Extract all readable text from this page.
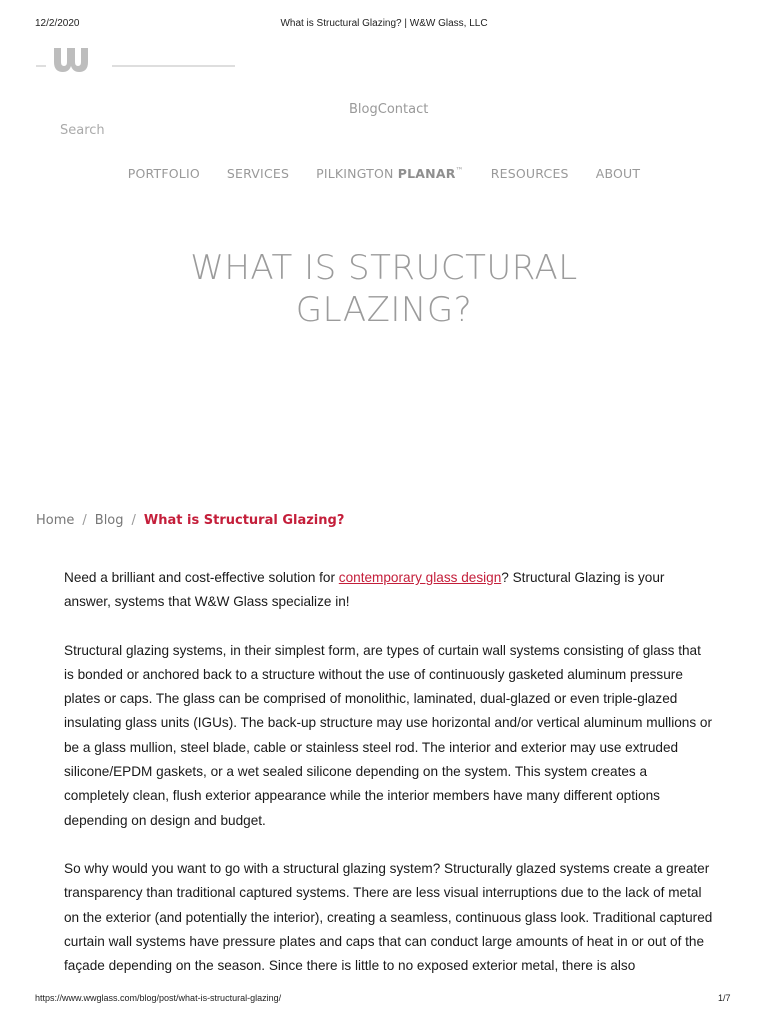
12/2/2020	What is Structural Glazing? | W&W Glass, LLC
BlogContact
Search
PORTFOLIO SERVICES PILKINGTON PLANAR™ RESOURCES ABOUT
WHAT IS STRUCTURAL
GLAZING?
Home / Blog / What is Structural Glazing?

Need a brilliant and cost-effective solution for contemporary glass design? Structural Glazing is your answer, systems that W&W Glass specialize in!

Structural glazing systems, in their simplest form, are types of curtain wall systems consisting of glass that is bonded or anchored back to a structure without the use of continuously gasketed aluminum pressure plates or caps. The glass can be comprised of monolithic, laminated, dual-glazed or even triple-glazed insulating glass units (IGUs). The back-up structure may use horizontal and/or vertical aluminum mullions or be a glass mullion, steel blade, cable or stainless steel rod. The interior and exterior may use extruded silicone/EPDM gaskets, or a wet sealed silicone depending on the system. This system creates a completely clean, flush exterior appearance while the interior members have many different options depending on design and budget.

So why would you want to go with a structural glazing system? Structurally glazed systems create a greater transparency than traditional captured systems. There are less visual interruptions due to the lack of metal on the exterior (and potentially the interior), creating a seamless, continuous glass look. Traditional captured curtain wall systems have pressure plates and caps that can conduct large amounts of heat in or out of the façade depending on the season. Since there is little to no exposed exterior metal, there is also

https://www.wwglass.com/blog/post/what-is-structural-glazing/	1/7
